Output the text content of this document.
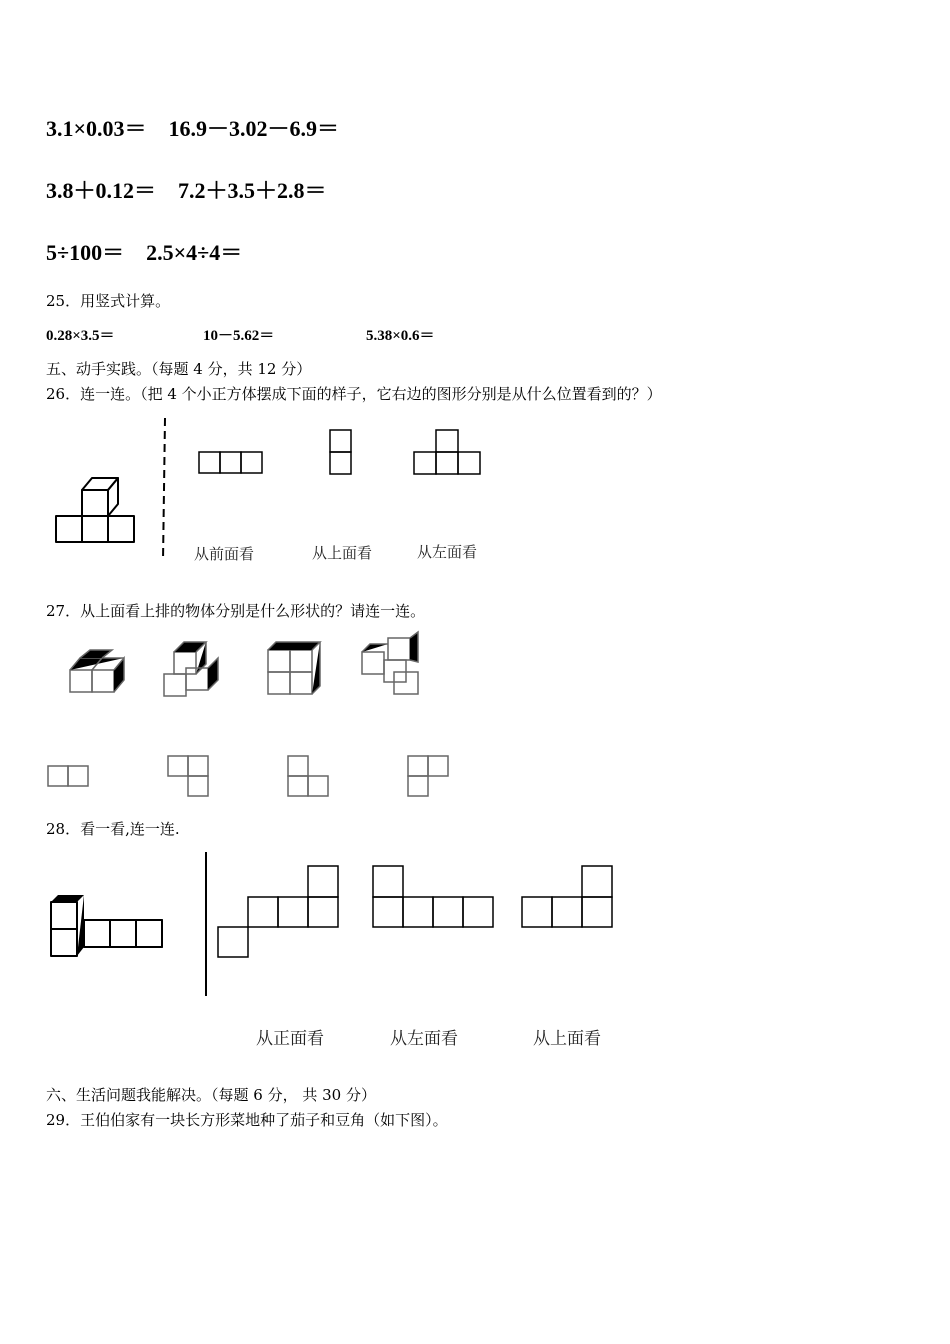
3.1×0.03＝ 16.9－3.02－6.9＝
3.8＋0.12＝ 7.2＋3.5＋2.8＝
5÷100＝ 2.5×4÷4＝
25．用竖式计算。
0.28×3.5＝	10－5.62＝	5.38×0.6＝
五、动手实践。（每题 4 分，共 12 分）
26．连一连。（把 4 个小正方体摆成下面的样子，它右边的图形分别是从什么位置看到的？）
从前面看	从上面看	从左面看
27．从上面看上排的物体分别是什么形状的？请连一连。
28．看一看,连一连.
从正面看	从左面看	从上面看
六、生活问题我能解决。（每题 6 分， 共 30 分）
29．王伯伯家有一块长方形菜地种了茄子和豆角（如下图）。
